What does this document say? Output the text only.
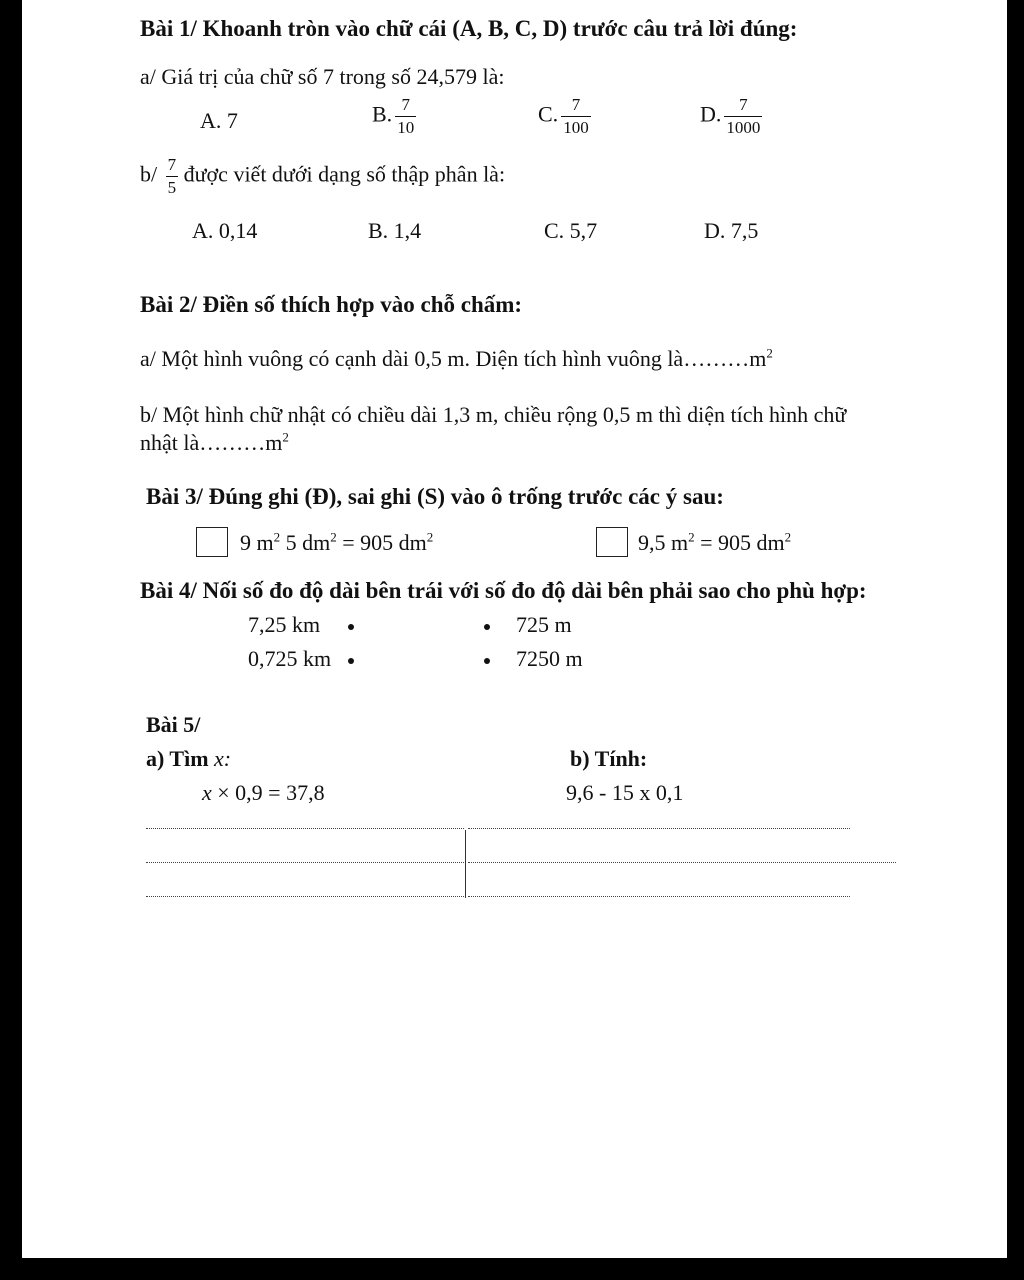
Bài 1/ Khoanh tròn vào chữ cái (A, B, C, D) trước câu trả lời đúng:
a/ Giá trị của chữ số 7 trong số 24,579 là:
A. 7	B. $\frac{7}{10}$	C. $\frac{7}{100}$	D. $\frac{7}{1000}$
$b/ \frac{7}{5}$ được viết dưới dạng số thập phân là:
A. 0,14	B. 1,4	C. 5,7	D. 7,5
Bài 2/ Điền số thích hợp vào chỗ chấm:
a/ Một hình vuông có cạnh dài 0,5 m. Diện tích hình vuông $là\dots\dots\dots m^2$
b/ Một hình chữ nhật có chiều dài 1,3 m, chiều rộng 0,5 m thì diện tích hình chữ
nhật $là\dots\dots\dots m^2$
Bài 3/ Đúng ghi (Đ), sai ghi (S) vào ô trống trước các ý sau:
9 $m^2$ 5 $dm^2 = 905$ $dm^2$	9,5 $m^2 = 905$ $dm^2$
Bài 4/ Nối số đo độ dài bên trái với số đo độ dài bên phải sao cho phù hợp:
7,25 km	725 m
0,725 km	7250 m
Bài 5/
a) Tìm x:
x × 0,9 = 37,8
b) Tính:
9,6 - 15 x 0,1
